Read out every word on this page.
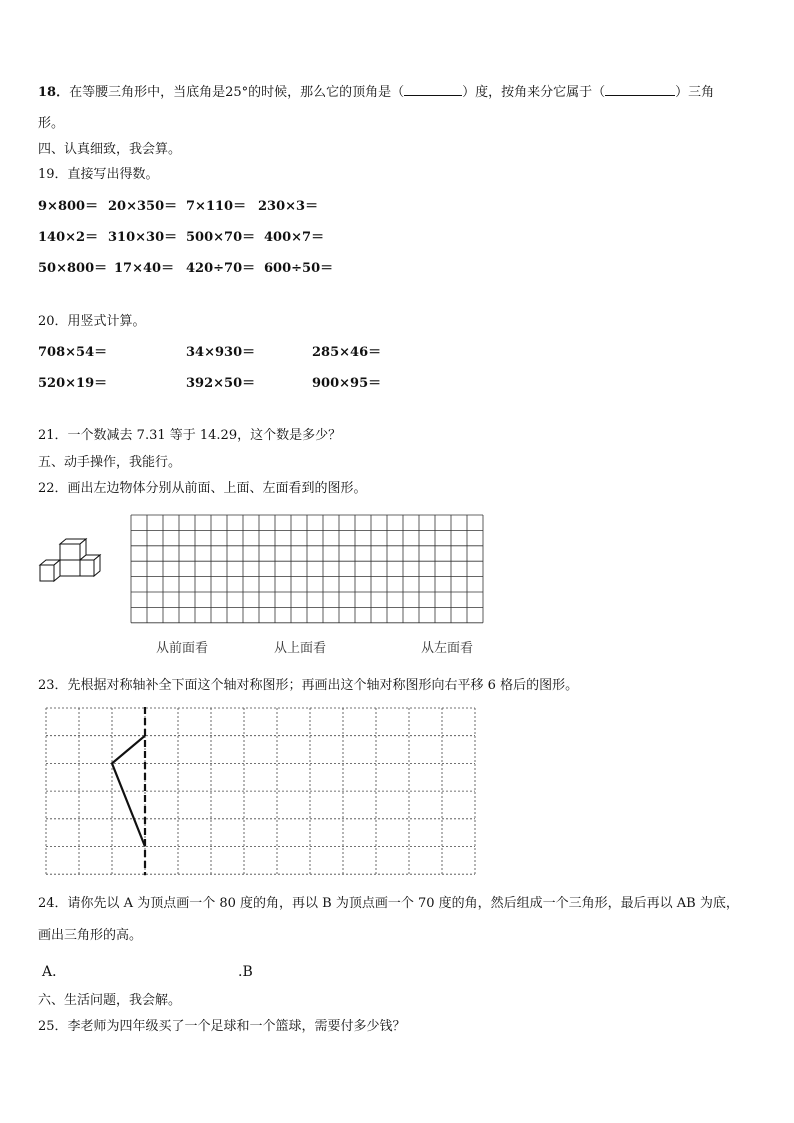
18．在等腰三角形中，当底角是25°的时候，那么它的顶角是（	）度，按角来分它属于（	）三角
形。
四、认真细致，我会算。
19．直接写出得数。
9×800＝ 20×350＝ 7×110＝ 230×3＝
140×2＝ 310×30＝ 500×70＝ 400×7＝
50×800＝ 17×40＝ 420÷70＝ 600÷50＝
20．用竖式计算。
708×54＝	34×930＝	285×46＝
520×19＝	392×50＝	900×95＝
21．一个数减去 7.31 等于 14.29，这个数是多少？
五、动手操作，我能行。
22．画出左边物体分别从前面、上面、左面看到的图形。
从前面看	从上面看	从左面看
23．先根据对称轴补全下面这个轴对称图形；再画出这个轴对称图形向右平移 6 格后的图形。
24．请你先以 A 为顶点画一个 80 度的角，再以 B 为顶点画一个 70 度的角，然后组成一个三角形，最后再以 AB 为底，
画出三角形的高。
A．	.B
六、生活问题，我会解。
25．李老师为四年级买了一个足球和一个篮球，需要付多少钱？
